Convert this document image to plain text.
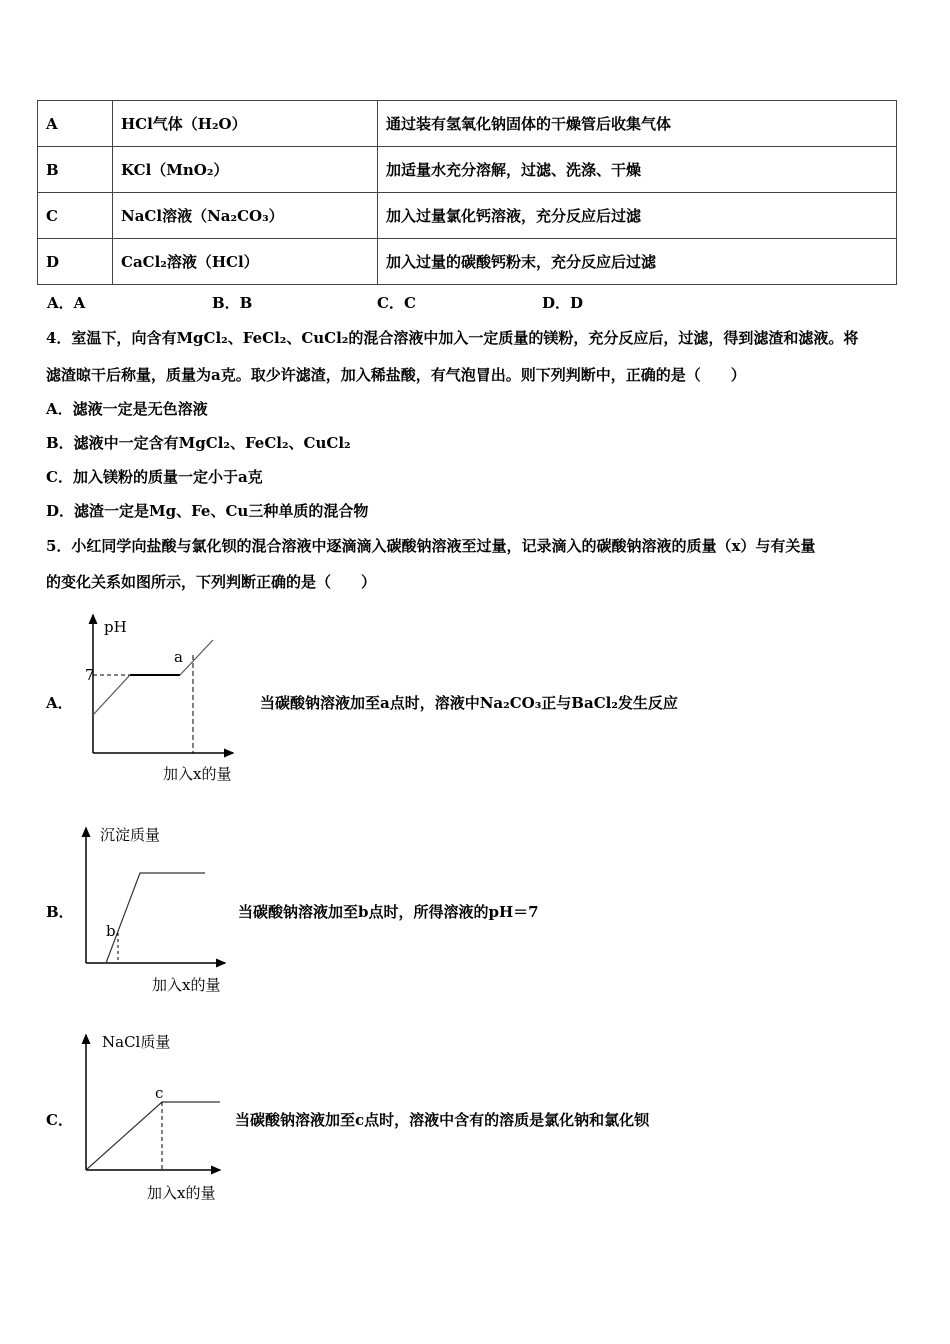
A	HCl气体（H₂O）	通过装有氢氧化钠固体的干燥管后收集气体
B	KCl（MnO₂）	加适量水充分溶解，过滤、洗涤、干燥
C	NaCl溶液（Na₂CO₃）	加入过量氯化钙溶液，充分反应后过滤
D	CaCl₂溶液（HCl）	加入过量的碳酸钙粉末，充分反应后过滤
A．A	B．B	C．C	D．D
4．室温下，向含有MgCl₂、FeCl₂、CuCl₂的混合溶液中加入一定质量的镁粉，充分反应后，过滤，得到滤渣和滤液。将
滤渣晾干后称量，质量为a克。取少许滤渣，加入稀盐酸，有气泡冒出。则下列判断中，正确的是（　　）
A．滤液一定是无色溶液
B．滤液中一定含有MgCl₂、FeCl₂、CuCl₂
C．加入镁粉的质量一定小于a克
D．滤渣一定是Mg、Fe、Cu三种单质的混合物
5．小红同学向盐酸与氯化钡的混合溶液中逐滴滴入碳酸钠溶液至过量，记录滴入的碳酸钠溶液的质量（x）与有关量
的变化关系如图所示，下列判断正确的是（　　）
A．	当碳酸钠溶液加至a点时，溶液中Na₂CO₃正与BaCl₂发生反应
B．	当碳酸钠溶液加至b点时，所得溶液的pH＝7
C．	当碳酸钠溶液加至c点时，溶液中含有的溶质是氯化钠和氯化钡
pH
7
a
加入x的量
沉淀质量
b
加入x的量
NaCl质量
c
加入x的量
